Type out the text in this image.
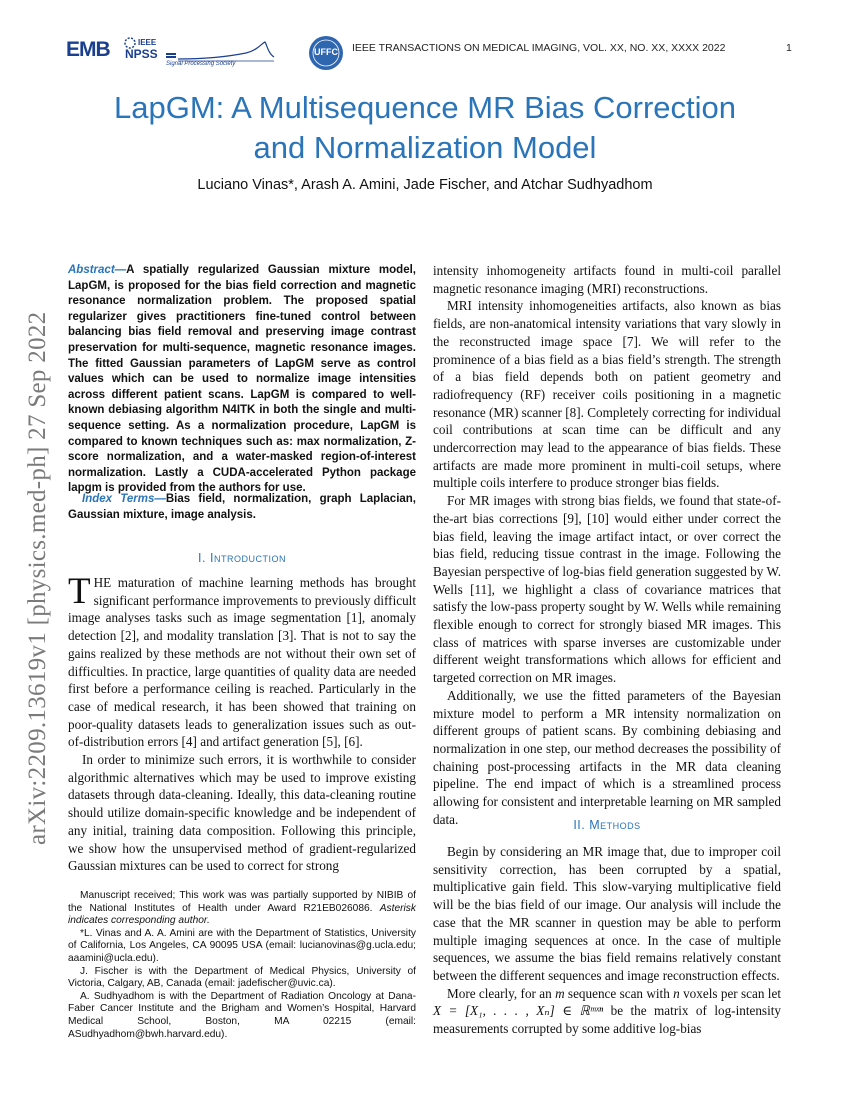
EMB	IEEE
NPSS
Signal Processing Society
UFFC IEEE TRANSACTIONS ON MEDICAL IMAGING, VOL. XX, NO. XX, XXXX 2022	1
LapGM: A Multisequence MR Bias Correction
and Normalization Model
Luciano Vinas*, Arash A. Amini, Jade Fischer, and Atchar Sudhyadhom
arXiv:2209.13619v1 [physics.med-ph] 27 Sep 2022
Abstract—A spatially regularized Gaussian mixture model, LapGM, is proposed for the bias field correction and magnetic resonance normalization problem. The proposed spatial regularizer gives practitioners fine-tuned control between balancing bias field removal and preserving image contrast preservation for multi-sequence, magnetic resonance images. The fitted Gaussian parameters of LapGM serve as control values which can be used to normalize image intensities across different patient scans. LapGM is compared to well-known debiasing algorithm N4ITK in both the single and multi-sequence setting. As a normalization procedure, LapGM is compared to known techniques such as: max normalization, Z-score normalization, and a water-masked region-of-interest normalization. Lastly a CUDA-accelerated Python package lapgm is provided from the authors for use.
Index Terms—Bias field, normalization, graph Laplacian, Gaussian mixture, image analysis.
I. Introduction

THE maturation of machine learning methods has brought significant performance improvements to previously difficult image analyses tasks such as image segmentation [1], anomaly detection [2], and modality translation [3]. That is not to say the gains realized by these methods are not without their own set of difficulties. In practice, large quantities of quality data are needed first before a performance ceiling is reached. Particularly in the case of medical research, it has been showed that training on poor-quality datasets leads to generalization issues such as out-of-distribution errors [4] and artifact generation [5], [6].

In order to minimize such errors, it is worthwhile to consider algorithmic alternatives which may be used to improve existing datasets through data-cleaning. Ideally, this data-cleaning routine should utilize domain-specific knowledge and be independent of any initial, training data composition. Following this principle, we show how the unsupervised method of gradient-regularized Gaussian mixtures can be used to correct for strong

Manuscript received; This work was was partially supported by NIBIB of the National Institutes of Health under Award R21EB026086. Asterisk indicates corresponding author.

*L. Vinas and A. A. Amini are with the Department of Statistics, University of California, Los Angeles, CA 90095 USA (email: lucianovinas@g.ucla.edu; aaamini@ucla.edu).

J. Fischer is with the Department of Medical Physics, University of Victoria, Calgary, AB, Canada (email: jadefischer@uvic.ca).

A. Sudhyadhom is with the Department of Radiation Oncology at Dana-Faber Cancer Institute and the Brigham and Women’s Hospital, Harvard Medical School, Boston, MA 02215 (email: ASudhyadhom@bwh.harvard.edu).

intensity inhomogeneity artifacts found in multi-coil parallel magnetic resonance imaging (MRI) reconstructions.

MRI intensity inhomogeneities artifacts, also known as bias fields, are non-anatomical intensity variations that vary slowly in the reconstructed image space [7]. We will refer to the prominence of a bias field as a bias field’s strength. The strength of a bias field depends both on patient geometry and radiofrequency (RF) receiver coils positioning in a magnetic resonance (MR) scanner [8]. Completely correcting for individual coil contributions at scan time can be difficult and any undercorrection may lead to the appearance of bias fields. These artifacts are made more prominent in multi-coil setups, where multiple coils interfere to produce stronger bias fields.

For MR images with strong bias fields, we found that state-of-the-art bias corrections [9], [10] would either under correct the bias field, leaving the image artifact intact, or over correct the bias field, reducing tissue contrast in the image. Following the Bayesian perspective of log-bias field generation suggested by W. Wells [11], we highlight a class of covariance matrices that satisfy the low-pass property sought by W. Wells while remaining flexible enough to correct for strongly biased MR images. This class of matrices with sparse inverses are customizable under different weight transformations which allows for efficient and targeted correction on MR images.

Additionally, we use the fitted parameters of the Bayesian mixture model to perform a MR intensity normalization on different groups of patient scans. By combining debiasing and normalization in one step, our method decreases the possibility of chaining post-processing artifacts in the MR data cleaning pipeline. The end impact of which is a streamlined process allowing for consistent and interpretable learning on MR sampled data.	II. Methods

Begin by considering an MR image that, due to improper coil sensitivity correction, has been corrupted by a spatial, multiplicative gain field. This slow-varying multiplicative field will be the bias field of our image. Our analysis will include the case that the MR scanner in question may be able to perform multiple imaging sequences at once. In the case of multiple sequences, we assume the bias field remains relatively constant between the different sequences and image reconstruction effects.

More clearly, for an m sequence scan with n voxels per scan let X = [X₁, . . . , Xₙ] ∈ ℝᵐˣⁿ be the matrix of log-intensity measurements corrupted by some additive log-bias
